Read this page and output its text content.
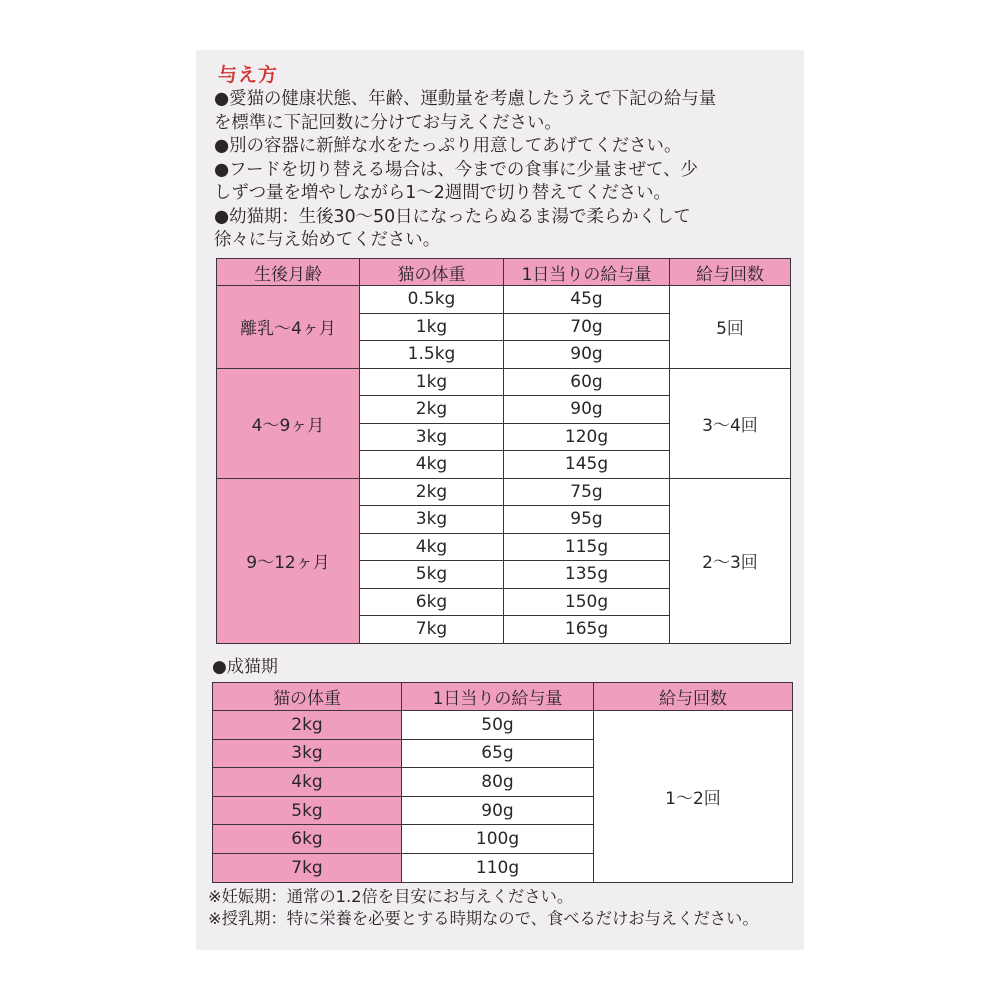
与え方
●愛猫の健康状態、年齢、運動量を考慮したうえで下記の給与量
を標準に下記回数に分けてお与えください。
●別の容器に新鮮な水をたっぷり用意してあげてください。
●フードを切り替える場合は、今までの食事に少量まぜて、少
しずつ量を増やしながら1〜2週間で切り替えてください。
●幼猫期：生後30〜50日になったらぬるま湯で柔らかくして
徐々に与え始めてください。
生後月齢	猫の体重	1日当りの給与量	給与回数
離乳〜4ヶ月	0.5kg	45g	5回
	1kg	70g	
	1.5kg	90g	
4〜9ヶ月	1kg	60g	3〜4回
	2kg	90g	
	3kg	120g	
	4kg	145g	
9〜12ヶ月	2kg	75g	2〜3回
	3kg	95g	
	4kg	115g	
	5kg	135g	
	6kg	150g	
	7kg	165g	
●成猫期
猫の体重	1日当りの給与量	給与回数
2kg	50g	1〜2回
3kg	65g	
4kg	80g	
5kg	90g	
6kg	100g	
7kg	110g	
※妊娠期：通常の1.2倍を目安にお与えください。
※授乳期：特に栄養を必要とする時期なので、食べるだけお与えください。
